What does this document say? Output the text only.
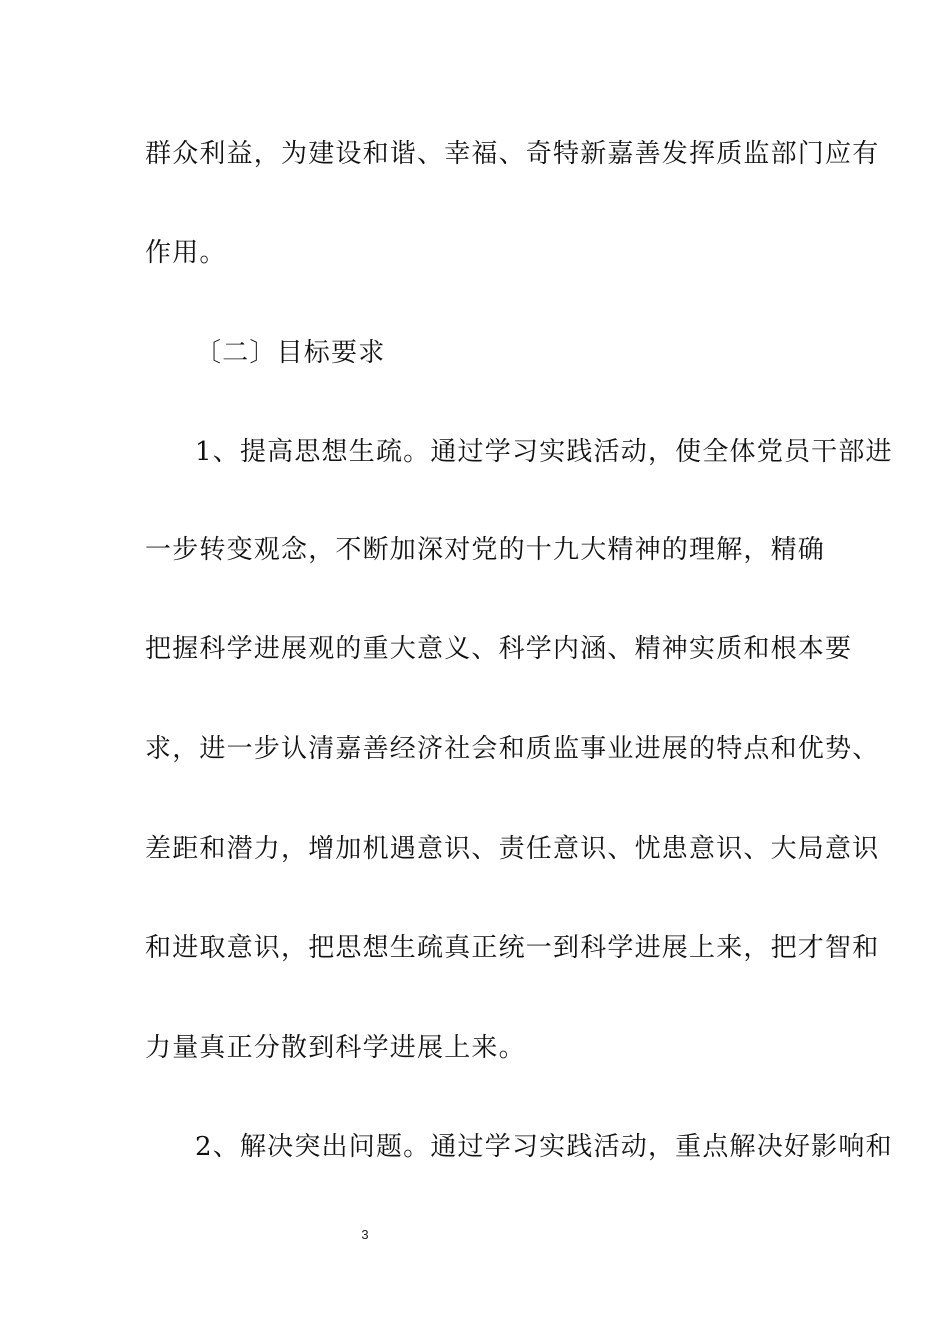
群众利益，为建设和谐、幸福、奇特新嘉善发挥质监部门应有
作用。
〔二〕目标要求
1、提高思想生疏。通过学习实践活动，使全体党员干部进
一步转变观念，不断加深对党的十九大精神的理解，精确
把握科学进展观的重大意义、科学内涵、精神实质和根本要
求，进一步认清嘉善经济社会和质监事业进展的特点和优势、
差距和潜力，增加机遇意识、责任意识、忧患意识、大局意识
和进取意识，把思想生疏真正统一到科学进展上来，把才智和
力量真正分散到科学进展上来。
2、解决突出问题。通过学习实践活动，重点解决好影响和
3
